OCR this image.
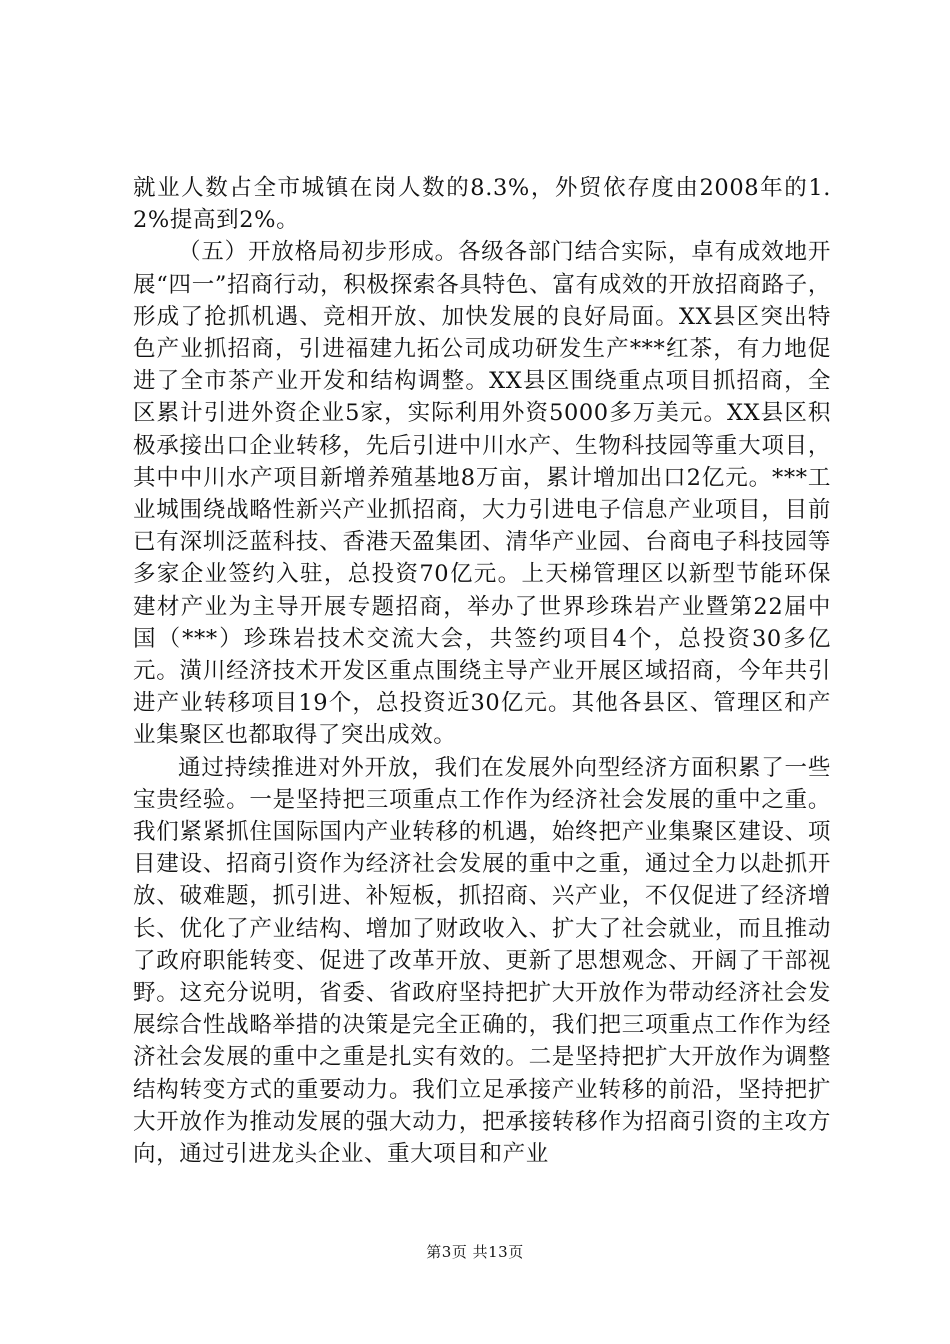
就业人数占全市城镇在岗人数的8.3%，外贸依存度由2008年的1.2%提高到2%。

（五）开放格局初步形成。各级各部门结合实际，卓有成效地开展“四一”招商行动，积极探索各具特色、富有成效的开放招商路子，形成了抢抓机遇、竞相开放、加快发展的良好局面。XX县区突出特色产业抓招商，引进福建九拓公司成功研发生产***红茶，有力地促进了全市茶产业开发和结构调整。XX县区围绕重点项目抓招商，全区累计引进外资企业5家，实际利用外资5000多万美元。XX县区积极承接出口企业转移，先后引进中川水产、生物科技园等重大项目，其中中川水产项目新增养殖基地8万亩，累计增加出口2亿元。***工业城围绕战略性新兴产业抓招商，大力引进电子信息产业项目，目前已有深圳泛蓝科技、香港天盈集团、清华产业园、台商电子科技园等多家企业签约入驻，总投资70亿元。上天梯管理区以新型节能环保建材产业为主导开展专题招商，举办了世界珍珠岩产业暨第22届中国（***）珍珠岩技术交流大会，共签约项目4个，总投资30多亿元。潢川经济技术开发区重点围绕主导产业开展区域招商，今年共引进产业转移项目19个，总投资近30亿元。其他各县区、管理区和产业集聚区也都取得了突出成效。

通过持续推进对外开放，我们在发展外向型经济方面积累了一些宝贵经验。一是坚持把三项重点工作作为经济社会发展的重中之重。我们紧紧抓住国际国内产业转移的机遇，始终把产业集聚区建设、项目建设、招商引资作为经济社会发展的重中之重，通过全力以赴抓开放、破难题，抓引进、补短板，抓招商、兴产业，不仅促进了经济增长、优化了产业结构、增加了财政收入、扩大了社会就业，而且推动了政府职能转变、促进了改革开放、更新了思想观念、开阔了干部视野。这充分说明，省委、省政府坚持把扩大开放作为带动经济社会发展综合性战略举措的决策是完全正确的，我们把三项重点工作作为经济社会发展的重中之重是扎实有效的。二是坚持把扩大开放作为调整结构转变方式的重要动力。我们立足承接产业转移的前沿，坚持把扩大开放作为推动发展的强大动力，把承接转移作为招商引资的主攻方向，通过引进龙头企业、重大项目和产业

第3页 共13页
